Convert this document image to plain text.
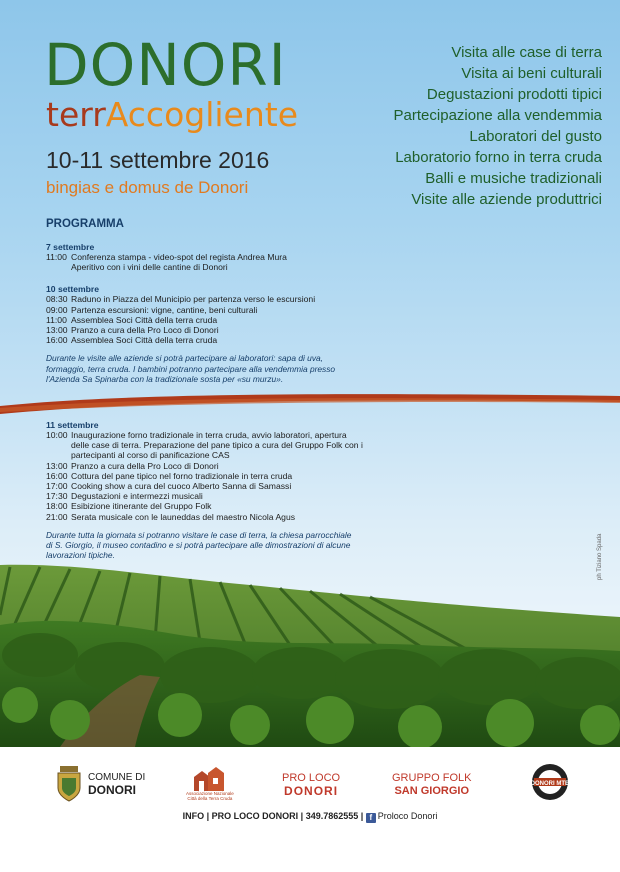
DONORI
terrAccogliente
10-11 settembre 2016
bingias e domus de Donori
Visita alle case di terra
Visita ai beni culturali
Degustazioni prodotti tipici
Partecipazione alla vendemmia
Laboratori del gusto
Laboratorio forno in terra cruda
Balli e musiche tradizionali
Visite alle aziende produttrici
PROGRAMMA

7 settembre

11:00 Conferenza stampa - video-spot del regista Andrea Mura
Aperitivo con i vini delle cantine di Donori

10 settembre

08:30 Raduno in Piazza del Municipio per partenza verso le escursioni
09:00 Partenza escursioni: vigne, cantine, beni culturali
11:00 Assemblea Soci Città della terra cruda
13:00 Pranzo a cura della Pro Loco di Donori
16:00 Assemblea Soci Città della terra cruda

Durante le visite alle aziende si potrà partecipare ai laboratori: sapa di uva, formaggio, terra cruda. I bambini potranno partecipare alla vendemmia presso l'Azienda Sa Spinarba con la tradizionale sosta per «su murzu».

11 settembre

10:00 Inaugurazione forno tradizionale in terra cruda, avvio laboratori, apertura delle case di terra. Preparazione del pane tipico a cura del Gruppo Folk con i partecipanti al corso di panificazione CAS
13:00 Pranzo a cura della Pro Loco di Donori
16:00 Cottura del pane tipico nel forno tradizionale in terra cruda
17:00 Cooking show a cura del cuoco Alberto Sanna di Samassi
17:30 Degustazioni e intermezzi musicali
18:00 Esibizione itinerante del Gruppo Folk
21:00 Serata musicale con le launeddas del maestro Nicola Agus

Durante tutta la giornata si potranno visitare le case di terra, la chiesa parrocchiale di S. Giorgio, il museo contadino e si potrà partecipare alle dimostrazioni di alcune lavorazioni tipiche.	ph Tiziano Spada
COMUNE DI
DONORI	Associazione Nazionale
Città della Terra Cruda
PRO LOCO
DONORI
GRUPPO FOLK
SAN GIORGIO
DONORI MTB
INFO | PRO LOCO DONORI | 349.7862555 | f Proloco Donori
